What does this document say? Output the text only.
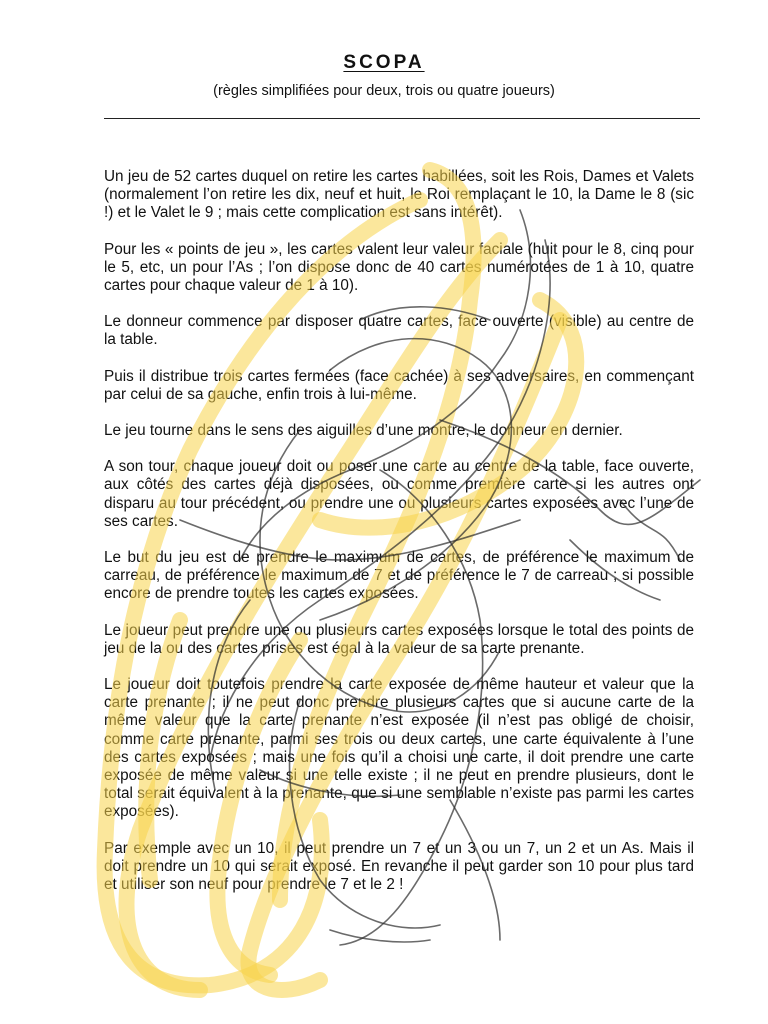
SCOPA

(règles simplifiées pour deux, trois ou quatre joueurs)

Un jeu de 52 cartes duquel on retire les cartes habillées, soit les Rois, Dames et Valets (normalement l’on retire les dix, neuf et huit, le Roi remplaçant le 10, la Dame le 8 (sic !) et le Valet le 9 ; mais cette complication est sans intérêt).

Pour les « points de jeu », les cartes valent leur valeur faciale (huit pour le 8, cinq pour le 5, etc, un pour l’As ; l’on dispose donc de 40 cartes numérotées de 1 à 10, quatre cartes pour chaque valeur de 1 à 10).

Le donneur commence par disposer quatre cartes, face ouverte (visible) au centre de la table.

Puis il distribue trois cartes fermées (face cachée) à ses adversaires, en commençant par celui de sa gauche, enfin trois à lui-même.

Le jeu tourne dans le sens des aiguilles d’une montre, le donneur en dernier.

A son tour, chaque joueur doit ou poser une carte au centre de la table, face ouverte, aux côtés des cartes déjà disposées, ou comme première carte si les autres ont disparu au tour précédent, ou prendre une ou plusieurs cartes exposées avec l’une de ses cartes.

Le but du jeu est de prendre le maximum de cartes, de préférence le maximum de carreau, de préférence le maximum de 7 et de préférence le 7 de carreau ; si possible encore de prendre toutes les cartes exposées.

Le joueur peut prendre une ou plusieurs cartes exposées lorsque le total des points de jeu de la ou des cartes prises est égal à la valeur de sa carte prenante.

Le joueur doit toutefois prendre la carte exposée de même hauteur et valeur que la carte prenante ; il ne peut donc prendre plusieurs cartes que si aucune carte de la même valeur que la carte prenante n’est exposée (il n’est pas obligé de choisir, comme carte prenante, parmi ses trois ou deux cartes, une carte équivalente à l’une des cartes exposées ; mais une fois qu’il a choisi une carte, il doit prendre une carte exposée de même valeur si une telle existe ; il ne peut en prendre plusieurs, dont le total serait équivalent à la prenante, que si une semblable n’existe pas parmi les cartes exposées).

Par exemple avec un 10, il peut prendre un 7 et un 3 ou un 7, un 2 et un As. Mais il doit prendre un 10 qui serait exposé. En revanche il peut garder son 10 pour plus tard et utiliser son neuf pour prendre le 7 et le 2 !
